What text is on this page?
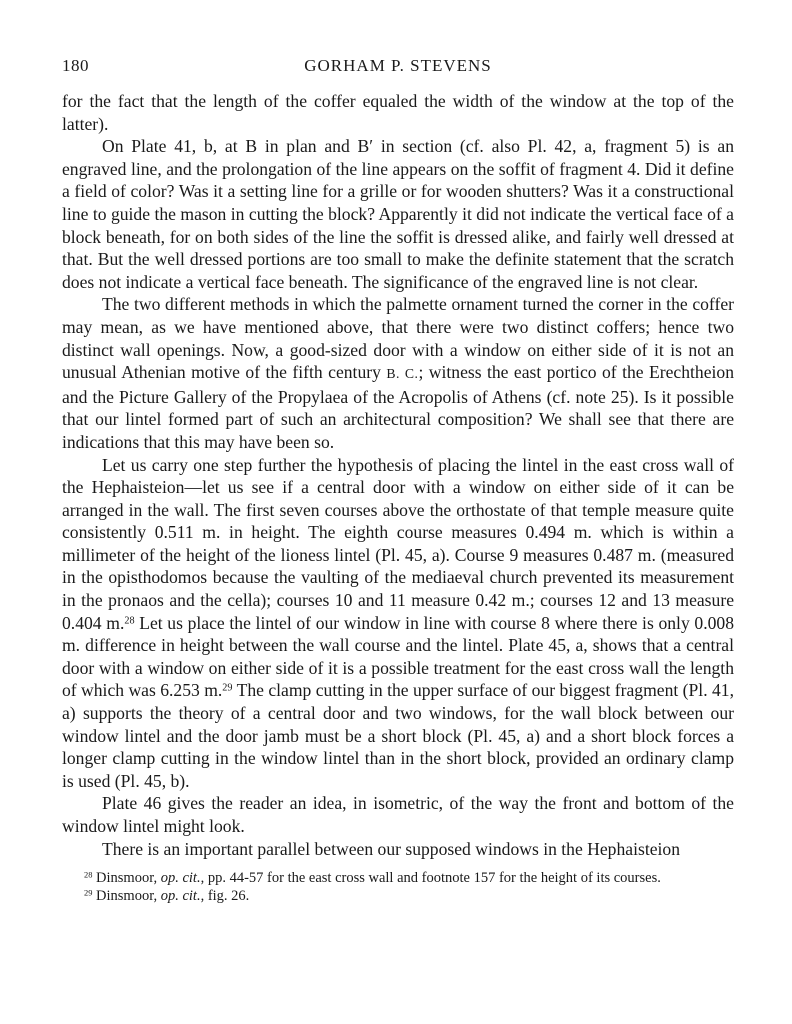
180	GORHAM P. STEVENS

for the fact that the length of the coffer equaled the width of the window at the top of the latter).

On Plate 41, b, at B in plan and B′ in section (cf. also Pl. 42, a, fragment 5) is an engraved line, and the prolongation of the line appears on the soffit of fragment 4. Did it define a field of color? Was it a setting line for a grille or for wooden shutters? Was it a constructional line to guide the mason in cutting the block? Apparently it did not indicate the vertical face of a block beneath, for on both sides of the line the soffit is dressed alike, and fairly well dressed at that. But the well dressed portions are too small to make the definite statement that the scratch does not indicate a vertical face beneath. The significance of the engraved line is not clear.

The two different methods in which the palmette ornament turned the corner in the coffer may mean, as we have mentioned above, that there were two distinct coffers; hence two distinct wall openings. Now, a good-sized door with a window on either side of it is not an unusual Athenian motive of the fifth century B. C.; witness the east portico of the Erechtheion and the Picture Gallery of the Propylaea of the Acropolis of Athens (cf. note 25). Is it possible that our lintel formed part of such an architectural composition? We shall see that there are indications that this may have been so.

Let us carry one step further the hypothesis of placing the lintel in the east cross wall of the Hephaisteion—let us see if a central door with a window on either side of it can be arranged in the wall. The first seven courses above the orthostate of that temple measure quite consistently 0.511 m. in height. The eighth course measures 0.494 m. which is within a millimeter of the height of the lioness lintel (Pl. 45, a). Course 9 measures 0.487 m. (measured in the opisthodomos because the vaulting of the mediaeval church prevented its measurement in the pronaos and the cella); courses 10 and 11 measure 0.42 m.; courses 12 and 13 measure 0.404 m.$^{28}$ Let us place the lintel of our window in line with course 8 where there is only 0.008 m. difference in height between the wall course and the lintel. Plate 45, a, shows that a central door with a window on either side of it is a possible treatment for the east cross wall the length of which was 6.253 m.$^{29}$ The clamp cutting in the upper surface of our biggest fragment (Pl. 41, a) supports the theory of a central door and two windows, for the wall block between our window lintel and the door jamb must be a short block (Pl. 45, a) and a short block forces a longer clamp cutting in the window lintel than in the short block, provided an ordinary clamp is used (Pl. 45, b).

Plate 46 gives the reader an idea, in isometric, of the way the front and bottom of the window lintel might look.

There is an important parallel between our supposed windows in the Hephaisteion

$^{28}$ Dinsmoor, op. cit., pp. 44-57 for the east cross wall and footnote 157 for the height of its courses.

$^{29}$ Dinsmoor, op. cit., fig. 26.
